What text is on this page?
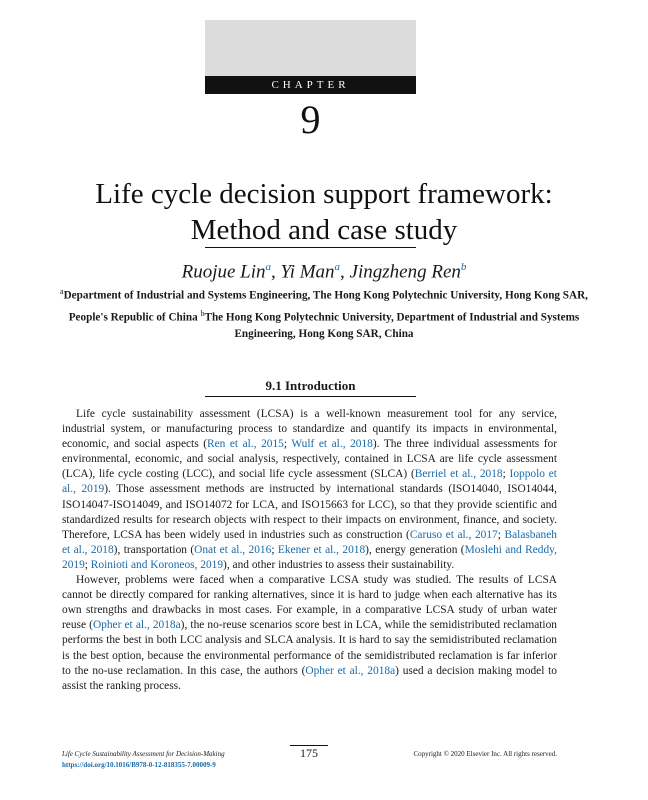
CHAPTER
9
Life cycle decision support framework:
Method and case study
Ruojue Lin$^a$, Yi Man$^a$, Jingzheng Ren$^b$
$^a$Department of Industrial and Systems Engineering, The Hong Kong Polytechnic University, Hong Kong SAR, People's Republic of China $^b$The Hong Kong Polytechnic University, Department of Industrial and Systems Engineering, Hong Kong SAR, China
9.1 Introduction

Life cycle sustainability assessment (LCSA) is a well-known measurement tool for any service, industrial system, or manufacturing process to standardize and quantify its impacts in environmental, economic, and social aspects (Ren et al., 2015; Wulf et al., 2018). The three individual assessments for environmental, economic, and social analysis, respectively, contained in LCSA are life cycle assessment (LCA), life cycle costing (LCC), and social life cycle assessment (SLCA) (Berriel et al., 2018; Ioppolo et al., 2019). Those assessment methods are instructed by international standards (ISO14040, ISO14044, ISO14047-ISO14049, and ISO14072 for LCA, and ISO15663 for LCC), so that they provide scientific and standardized results for research objects with respect to their impacts on environment, finance, and society. Therefore, LCSA has been widely used in industries such as construction (Caruso et al., 2017; Balasbaneh et al., 2018), transportation (Onat et al., 2016; Ekener et al., 2018), energy generation (Moslehi and Reddy, 2019; Roinioti and Koroneos, 2019), and other industries to assess their sustainability.

However, problems were faced when a comparative LCSA study was studied. The results of LCSA cannot be directly compared for ranking alternatives, since it is hard to judge when each alternative has its own strengths and drawbacks in most cases. For example, in a comparative LCSA study of urban water reuse (Opher et al., 2018a), the no-reuse scenarios score best in LCA, while the semidistributed reclamation performs the best in both LCC analysis and SLCA analysis. It is hard to say the semidistributed reclamation is the best option, because the environmental performance of the semidistributed reclamation is far inferior to the no-use reclamation. In this case, the authors (Opher et al., 2018a) used a decision making model to assist the ranking process.

175
Life Cycle Sustainability Assessment for Decision-Making
https://doi.org/10.1016/B978-0-12-818355-7.00009-9
Copyright © 2020 Elsevier Inc. All rights reserved.
